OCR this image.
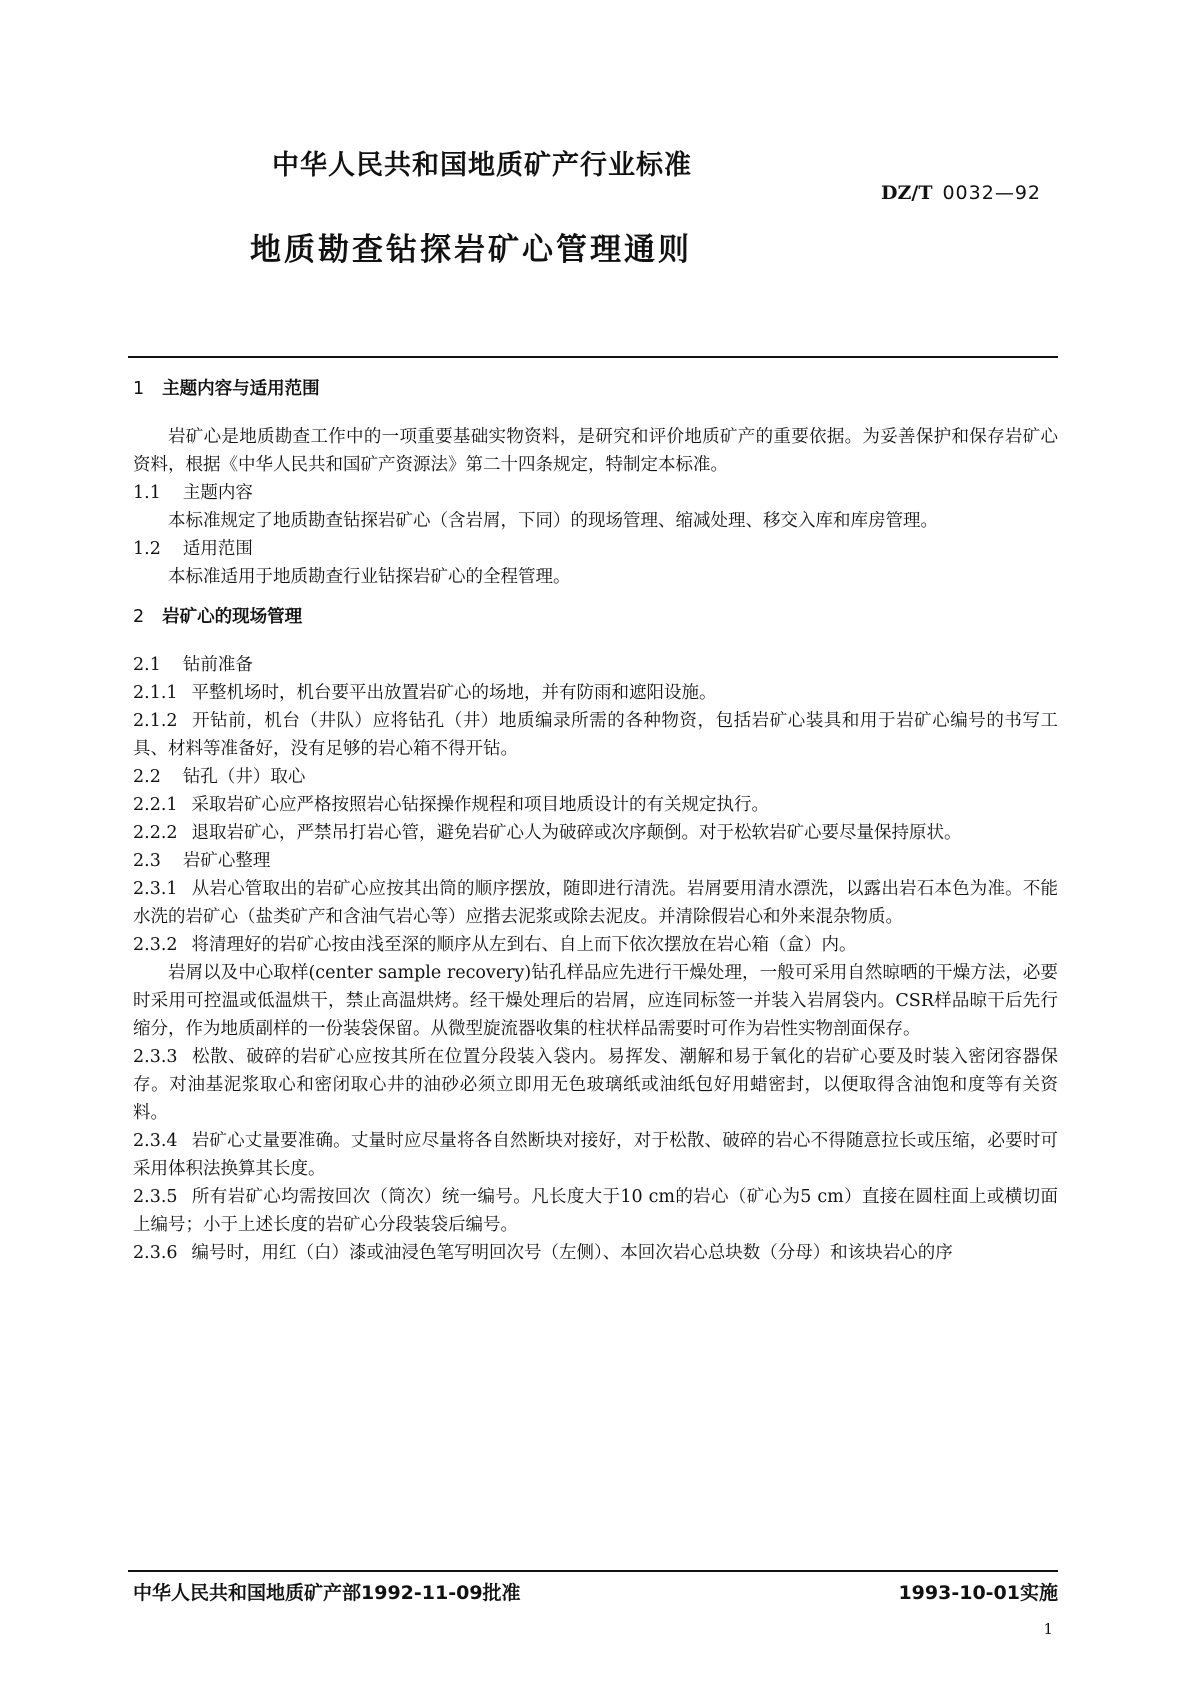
中华人民共和国地质矿产行业标准
DZ/T 0032—92
地质勘查钻探岩矿心管理通则
1 主题内容与适用范围

岩矿心是地质勘查工作中的一项重要基础实物资料，是研究和评价地质矿产的重要依据。为妥善保护和保存岩矿心资料，根据《中华人民共和国矿产资源法》第二十四条规定，特制定本标准。

1.1 主题内容

本标准规定了地质勘查钻探岩矿心（含岩屑，下同）的现场管理、缩减处理、移交入库和库房管理。

1.2 适用范围

本标准适用于地质勘查行业钻探岩矿心的全程管理。

2 岩矿心的现场管理

2.1 钻前准备

2.1.1 平整机场时，机台要平出放置岩矿心的场地，并有防雨和遮阳设施。

2.1.2 开钻前，机台（井队）应将钻孔（井）地质编录所需的各种物资，包括岩矿心装具和用于岩矿心编号的书写工具、材料等准备好，没有足够的岩心箱不得开钻。

2.2 钻孔（井）取心

2.2.1 采取岩矿心应严格按照岩心钻探操作规程和项目地质设计的有关规定执行。

2.2.2 退取岩矿心，严禁吊打岩心管，避免岩矿心人为破碎或次序颠倒。对于松软岩矿心要尽量保持原状。

2.3 岩矿心整理

2.3.1 从岩心管取出的岩矿心应按其出筒的顺序摆放，随即进行清洗。岩屑要用清水漂洗，以露出岩石本色为准。不能水洗的岩矿心（盐类矿产和含油气岩心等）应揩去泥浆或除去泥皮。并清除假岩心和外来混杂物质。

2.3.2 将清理好的岩矿心按由浅至深的顺序从左到右、自上而下依次摆放在岩心箱（盒）内。

岩屑以及中心取样(center sample recovery)钻孔样品应先进行干燥处理，一般可采用自然晾晒的干燥方法，必要时采用可控温或低温烘干，禁止高温烘烤。经干燥处理后的岩屑，应连同标签一并装入岩屑袋内。CSR样品晾干后先行缩分，作为地质副样的一份装袋保留。从微型旋流器收集的柱状样品需要时可作为岩性实物剖面保存。

2.3.3 松散、破碎的岩矿心应按其所在位置分段装入袋内。易挥发、潮解和易于氧化的岩矿心要及时装入密闭容器保存。对油基泥浆取心和密闭取心井的油砂必须立即用无色玻璃纸或油纸包好用蜡密封，以便取得含油饱和度等有关资料。

2.3.4 岩矿心丈量要准确。丈量时应尽量将各自然断块对接好，对于松散、破碎的岩心不得随意拉长或压缩，必要时可采用体积法换算其长度。

2.3.5 所有岩矿心均需按回次（筒次）统一编号。凡长度大于10 cm的岩心（矿心为5 cm）直接在圆柱面上或横切面上编号；小于上述长度的岩矿心分段装袋后编号。

2.3.6 编号时，用红（白）漆或油浸色笔写明回次号（左侧）、本回次岩心总块数（分母）和该块岩心的序

中华人民共和国地质矿产部1992-11-09批准	1993-10-01实施
1
